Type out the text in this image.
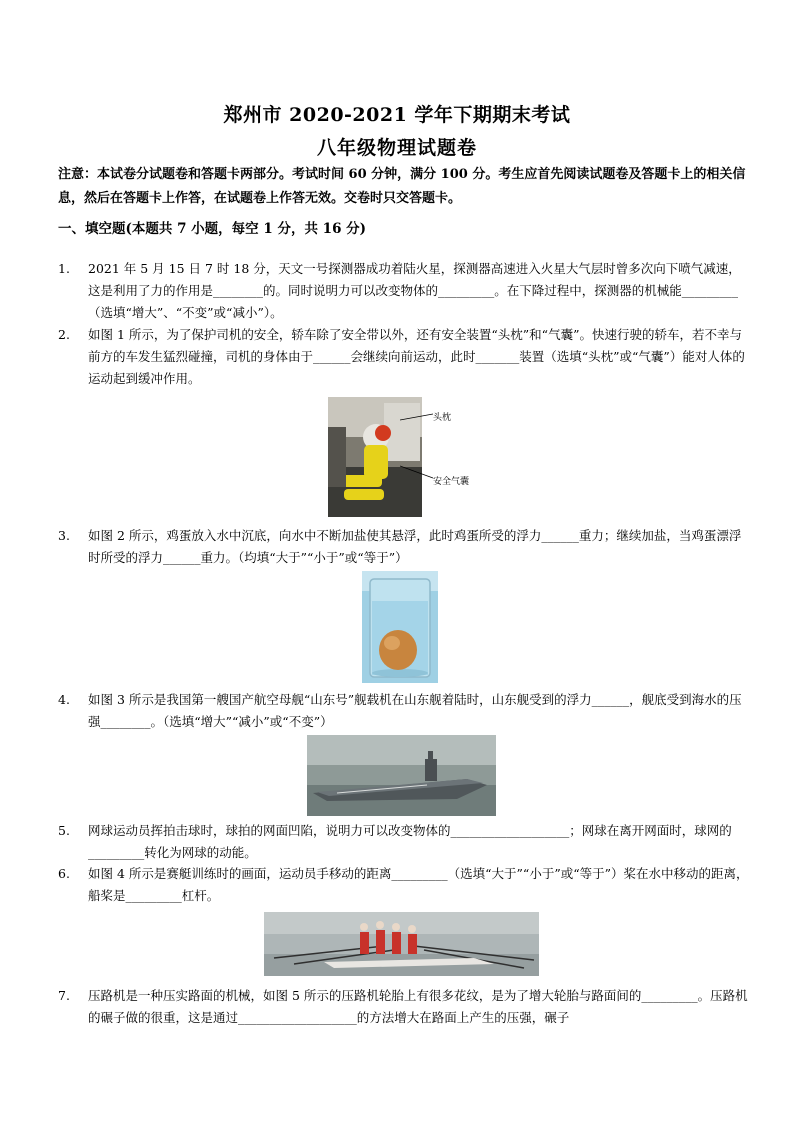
郑州市 2020-2021 学年下期期末考试
八年级物理试题卷
注意：本试卷分试题卷和答题卡两部分。考试时间 60 分钟，满分 100 分。考生应首先阅读试题卷及答题卡上的相关信息，然后在答题卡上作答，在试题卷上作答无效。交卷时只交答题卡。
一、填空题(本题共 7 小题，每空 1 分，共 16 分)
1.	2021 年 5 月 15 日 7 时 18 分，天文一号探测器成功着陆火星，探测器高速进入火星大气层时曾多次向下喷气减速，这是利用了力的作用是________的。同时说明力可以改变物体的_________。在下降过程中，探测器的机械能_________（选填“增大”、“不变”或“减小”）。
2.	如图 1 所示，为了保护司机的安全，轿车除了安全带以外，还有安全装置“头枕”和“气囊”。快速行驶的轿车，若不幸与前方的车发生猛烈碰撞，司机的身体由于______会继续向前运动，此时_______装置（选填“头枕”或“气囊”）能对人体的运动起到缓冲作用。
头枕
安全气囊
3.	如图 2 所示，鸡蛋放入水中沉底，向水中不断加盐使其悬浮，此时鸡蛋所受的浮力______重力；继续加盐，当鸡蛋漂浮时所受的浮力______重力。（均填“大于”“小于”或“等于”）
4.	如图 3 所示是我国第一艘国产航空母舰“山东号”舰载机在山东舰着陆时，山东舰受到的浮力______，舰底受到海水的压强________。（选填“增大”“减小”或“不变”）
5.	网球运动员挥拍击球时，球拍的网面凹陷，说明力可以改变物体的___________________；网球在离开网面时，球网的_________转化为网球的动能。
6.	如图 4 所示是赛艇训练时的画面，运动员手移动的距离_________（选填“大于”“小于”或“等于”）桨在水中移动的距离，船桨是_________杠杆。
7.	压路机是一种压实路面的机械，如图 5 所示的压路机轮胎上有很多花纹，是为了增大轮胎与路面间的_________。压路机的碾子做的很重，这是通过___________________的方法增大在路面上产生的压强，碾子
